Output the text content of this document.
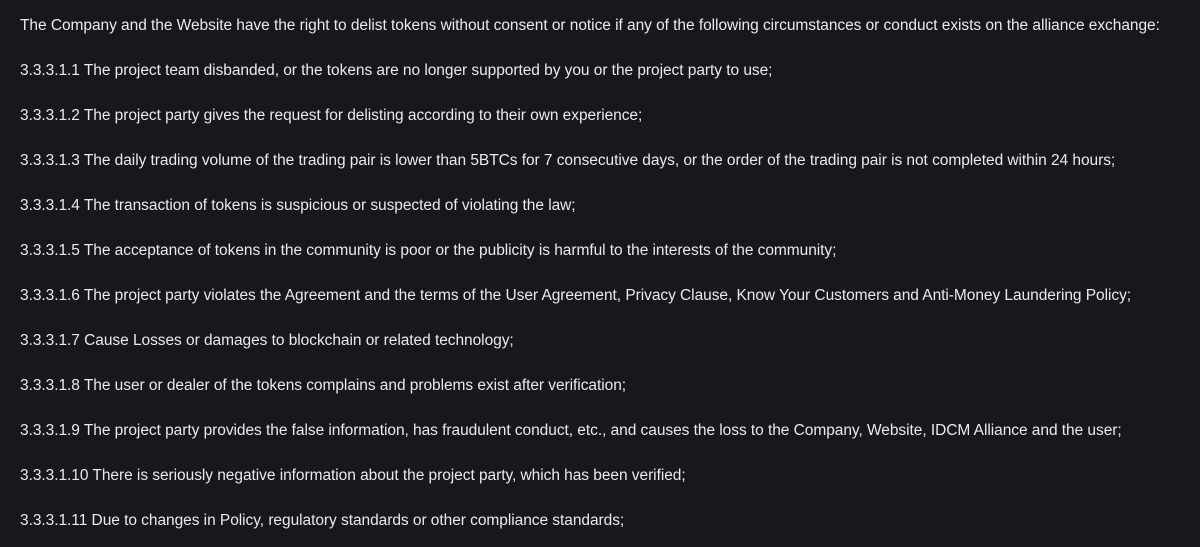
The Company and the Website have the right to delist tokens without consent or notice if any of the following circumstances or conduct exists on the alliance exchange:

3.3.3.1.1 The project team disbanded, or the tokens are no longer supported by you or the project party to use;

3.3.3.1.2 The project party gives the request for delisting according to their own experience;

3.3.3.1.3 The daily trading volume of the trading pair is lower than 5BTCs for 7 consecutive days, or the order of the trading pair is not completed within 24 hours;

3.3.3.1.4 The transaction of tokens is suspicious or suspected of violating the law;

3.3.3.1.5 The acceptance of tokens in the community is poor or the publicity is harmful to the interests of the community;

3.3.3.1.6 The project party violates the Agreement and the terms of the User Agreement, Privacy Clause, Know Your Customers and Anti-Money Laundering Policy;

3.3.3.1.7 Cause Losses or damages to blockchain or related technology;

3.3.3.1.8 The user or dealer of the tokens complains and problems exist after verification;

3.3.3.1.9 The project party provides the false information, has fraudulent conduct, etc., and causes the loss to the Company, Website, IDCM Alliance and the user;

3.3.3.1.10 There is seriously negative information about the project party, which has been verified;

3.3.3.1.11 Due to changes in Policy, regulatory standards or other compliance standards;
